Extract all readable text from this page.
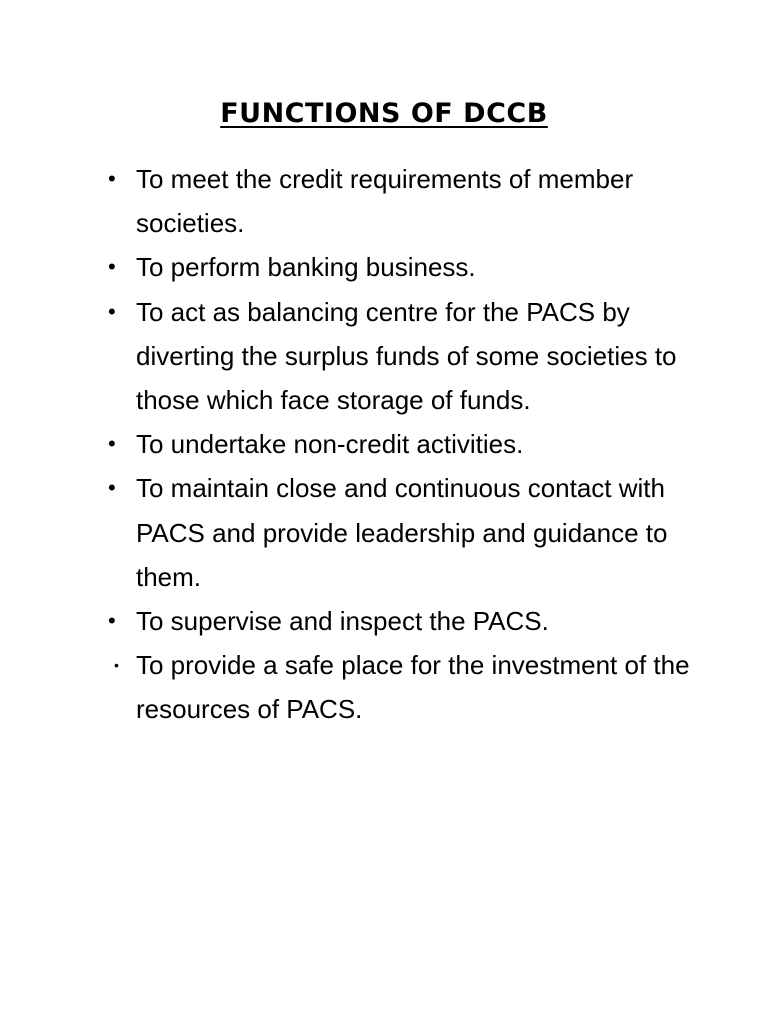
FUNCTIONS OF DCCB
• To meet the credit requirements of member societies.
• To perform banking business.
• To act as balancing centre for the PACS by diverting the surplus funds of some societies to those which face storage of funds.
• To undertake non-credit activities.
• To maintain close and continuous contact with PACS and provide leadership and guidance to them.
• To supervise and inspect the PACS.
• To provide a safe place for the investment of the resources of PACS.
